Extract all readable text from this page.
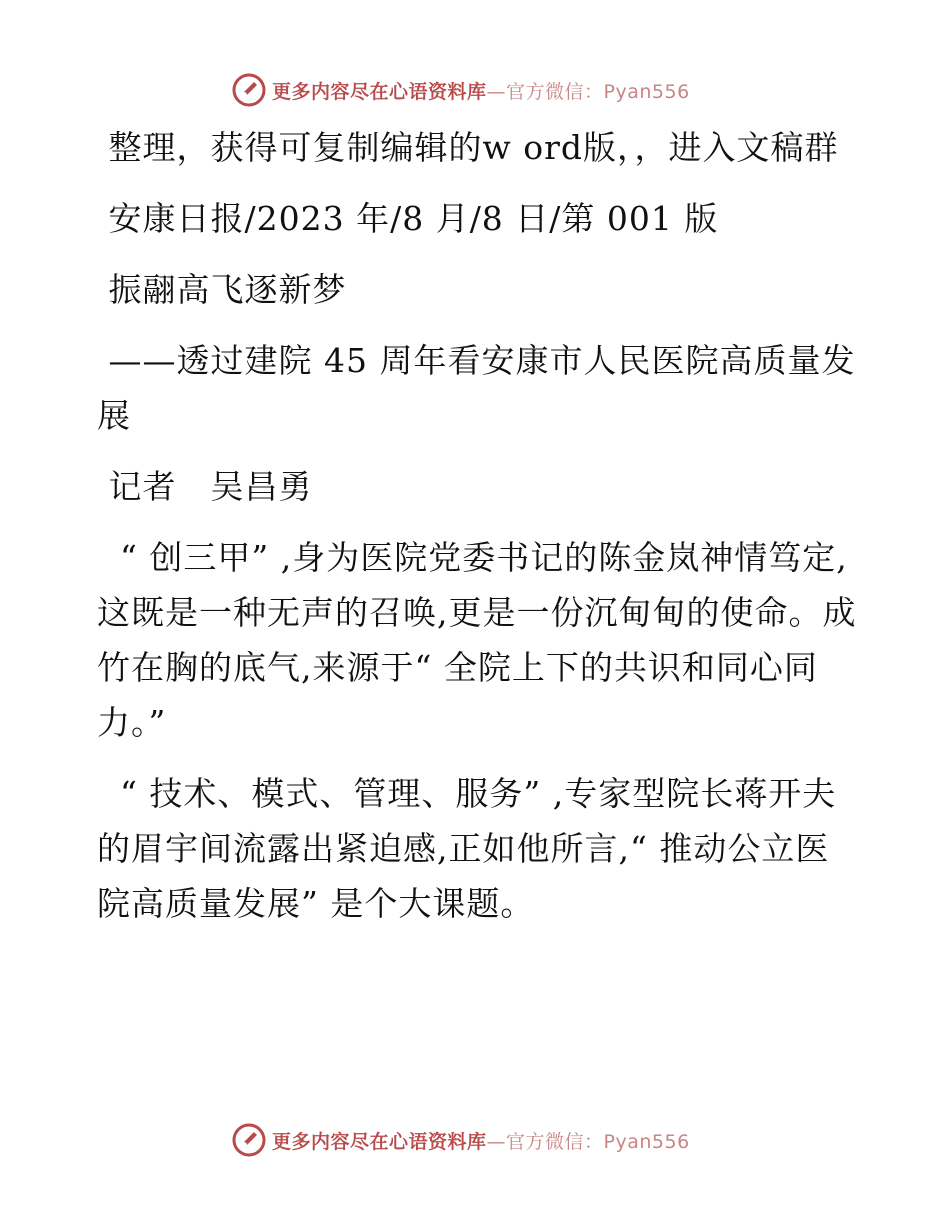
更多内容尽在心语资料库—官方微信：Pyan556

整理，获得可复制编辑的w ord版，，进入文稿群

安康日报/2023 年/8 月/8 日/第 001 版

振翮高飞逐新梦

——透过建院 45 周年看安康市人民医院高质量发展

记者　吴昌勇

“ 创三甲” ,身为医院党委书记的陈金岚神情笃定,这既是一种无声的召唤,更是一份沉甸甸的使命。成竹在胸的底气,来源于“ 全院上下的共识和同心同力。”

“ 技术、模式、管理、服务” ,专家型院长蒋开夫的眉宇间流露出紧迫感,正如他所言,“ 推动公立医院高质量发展” 是个大课题。

更多内容尽在心语资料库—官方微信：Pyan556
